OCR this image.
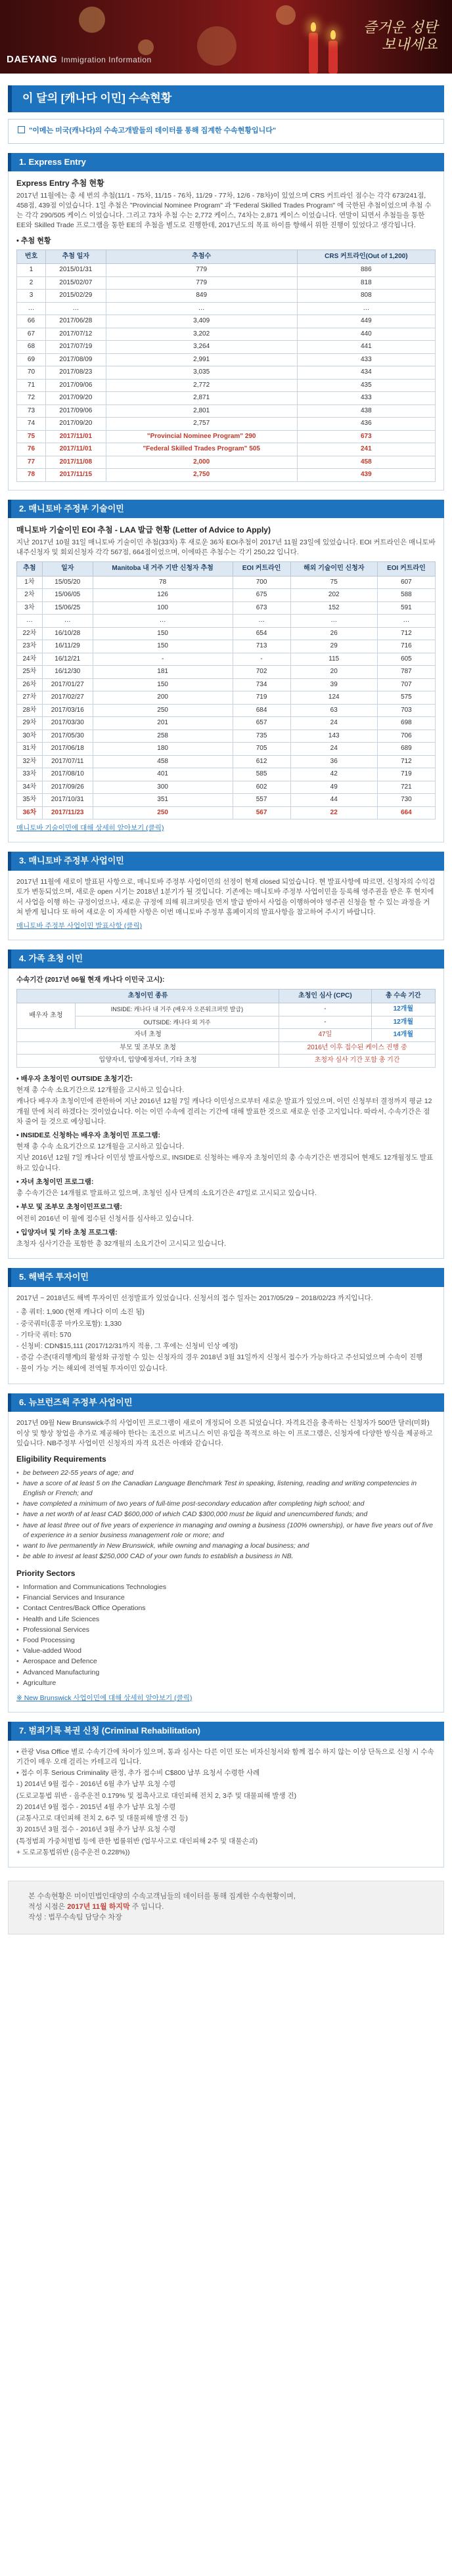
DAEYANG Immigration Information
즐거운 성탄
보내세요
이 달의 [캐나다 이민] 수속현황
"이메는 미국(캐나다)의 수속고개발들의 데이터를 통해 집계한 수속현황입니다"
1. Express Entry
Express Entry 추첨 현황
2017년 11월에는 총 세 번의 추첨(11/1 - 75차, 11/15 - 76차, 11/29 - 77차, 12/6 - 78차)이 있었으며 CRS 커트라인 점수는 각각 673/241점, 458점, 439점 이었습니다. 1일 추첨은 "Provincial Nominee Program" 과 "Federal Skilled Trades Program" 에 국한된 추첨이었으며 추첨 수는 각각 290/505 케이스 이었습니다. 그리고 73차 추첨 수는 2,772 케이스, 74차는 2,871 케이스 이었습니다. 연말이 되면서 추첨들을 통한 EE와 Skilled Trade 프로그램을 통한 EE의 추첨을 별도로 진행한데, 2017년도의 목표 하이를 향해서 위한 진행이 있었다고 생각됩니다.
• 추첨 현황
번호	추첨 일자	추첨수	CRS 커트라인(Out of 1,200)
1	2015/01/31	779	886
2	2015/02/07	779	818
3	2015/02/29	849	808
…	…	…	…
66	2017/06/28	3,409	449
67	2017/07/12	3,202	440
68	2017/07/19	3,264	441
69	2017/08/09	2,991	433
70	2017/08/23	3,035	434
71	2017/09/06	2,772	435
72	2017/09/20	2,871	433
73	2017/09/06	2,801	438
74	2017/09/20	2,757	436
75	2017/11/01	"Provincial Nominee Program" 290	673
76	2017/11/01	"Federal Skilled Trades Program" 505	241
77	2017/11/08	2,000	458
78	2017/11/15	2,750	439
2. 매니토바 주정부 기술이민
매니토바 기술이민 EOI 추첨 - LAA 발급 현황 (Letter of Advice to Apply)
지난 2017년 10월 31일 매니토바 기술이민 추첨(33차) 후 새로운 36차 EOI추첨이 2017년 11월 23일에 있었습니다. EOI 커트라인은 매니토바 내주신청자 및 회외신청자 각각 567점, 664점이었으며, 이에따른 추첨수는 각기 250,22 입니다.
추첨	일자	Manitoba 내 거주 기반 신청자 추첨	EOI 커트라인	해외 기술이민 신청자	EOI 커트라인
1차	15/05/20	78	700	75	607
2차	15/06/05	126	675	202	588
3차	15/06/25	100	673	152	591
…	…	…	…	…	…
22차	16/10/28	150	654	26	712
23차	16/11/29	150	713	29	716
24차	16/12/21	-	-	115	605
25차	16/12/30	181	702	20	787
26차	2017/01/27	150	734	39	707
27차	2017/02/27	200	719	124	575
28차	2017/03/16	250	684	63	703
29차	2017/03/30	201	657	24	698
30차	2017/05/30	258	735	143	706
31차	2017/06/18	180	705	24	689
32차	2017/07/11	458	612	36	712
33차	2017/08/10	401	585	42	719
34차	2017/09/26	300	602	49	721
35차	2017/10/31	351	557	44	730
36차	2017/11/23	250	567	22	664
매니토바 기술이민에 대해 상세히 알아보기 (클릭)
3. 매니토바 주정부 사업이민
2017년 11월에 새로이 발표된 사항으로, 매니토바 주정부 사업이민의 선정이 현재 closed 되었습니다. 현 발표사항에 따르면, 신청자의 수익검토가 변동되었으며, 새로운 open 시기는 2018년 1분기가 될 것입니다. 기존에는 매니토바 주정부 사업이민을 등록해 영주권을 받은 후 현지에서 사업을 이행 하는 규정이었으나, 새로운 규정에 의해 워크퍼밋을 먼저 발급 받아서 사업을 이행하여야 영주권 신청을 할 수 있는 과정을 거쳐 받게 됩니다 또 하여 새로운 이 자세한 사항은 이번 매니토바 주정부 홈페이지의 발표사항을 참고하여 주시기 바랍니다.
매니토바 주정부 사업이민 발표사항 (클릭)
4. 가족 초청 이민
수속기간 (2017년 06월 현재 캐나다 이민국 고시):
초청이민 종류		초청인 심사 (CPC)	총 수속 기간
배우자 초청	INSIDE: 캐나다 내 거주 (배우자 오픈워크퍼밋 발급)	-	12개월
	OUTSIDE: 캐나다 외 거주	-	12개월
자녀 초청		47일	14개월
부모 및 조부모 초청		2016년 이후 접수된 케이스 진행 중	
입양자녀, 입양예정자녀, 기타 초청		초청자 심사 기간 포함 총 기간	
• 배우자 초청이민 OUTSIDE 초청기간:
현재 총 수속 소요기간으로 12개월을 고시하고 있습니다.
캐나다 배우자 초청이민에 관한하여 지난 2016년 12월 7일 캐나다 이민성으로부터 새로운 발표가 있었으며, 이민 신청부터 결정까지 평균 12개월 만에 처리 하겠다는 것이었습니다. 이는 이민 수속에 걸리는 기간에 대해 발표한 것으로 새로운 인증 고지입니다. 따라서, 수속기간은 점차 줄어 들 것으로 예상됩니다.
• INSIDE로 신청하는 배우자 초청이민 프로그램:
현재 총 수속 소요기간으로 12개월을 고시하고 있습니다.
지난 2016년 12월 7일 캐나다 이민성 발표사항으로, INSIDE로 신청하는 배우자 초청이민의 총 수속기간은 변경되어 현재도 12개월정도 발표하고 있습니다.
• 자녀 초청이민 프로그램:
총 수속기간은 14개월로 발표하고 있으며, 초청인 심사 단계의 소요기간은 47일로 고시되고 있습니다.
• 부모 및 조부모 초청이민프로그램:
여전히 2016년 이 월에 접수된 신청서를 심사하고 있습니다.
• 입양자녀 및 기타 초청 프로그램:
초청자 심사기간을 포함한 총 32개월의 소요기간이 고시되고 있습니다.
5. 해벽주 투자이민
2017년 ~ 2018년도 해벽 투자이민 선정발표가 있었습니다. 신청서의 접수 일자는 2017/05/29 ~ 2018/02/23 까지입니다.
- 총 쿼터: 1,900 (현재 캐나다 이미 소진 됨)
- 중국쿼터(홍콩 마카오포함): 1,330
- 기타국 쿼터: 570
- 신청비: CDN$15,111 (2017/12/31까지 적용, 그 후에는 신청비 인상 예정)
- 증감 수준(대리행계)의 활성화 규정할 수 있는 신청자의 경우 2018년 3월 31일까지 신청서 접수가 가능하다고 주선되었으며 수속이 진행
- 물이 가능 거는 해외에 전역될 투자이민 있습니다.
6. 뉴브런즈윅 주정부 사업이민
2017년 09월 New Brunswick주의 사업이민 프로그램이 새로이 개정되어 오픈 되었습니다. 자격요건을 충족하는 신청자가 500만 달러(미화) 이상 및 향상 창업을 추가로 제공해야 한다는 조건으로 비즈니스 이민 유입을 목적으로 하는 이 프로그램은, 신청자에 다양한 방식을 제공하고 있습니다. NB주정부 사업이민 신청자의 자격 요건은 아래와 같습니다.
Eligibility Requirements
• be between 22-55 years of age; and
• have a score of at least 5 on the Canadian Language Benchmark Test in speaking, listening, reading and writing competencies in English or French; and
• have completed a minimum of two years of full-time post-secondary education after completing high school; and
• have a net worth of at least CAD $600,000 of which CAD $300,000 must be liquid and unencumbered funds; and
• have at least three out of five years of experience in managing and owning a business (100% ownership), or have five years out of five of experience in a senior business management role or more; and
• want to live permanently in New Brunswick, while owning and managing a local business; and
• be able to invest at least $250,000 CAD of your own funds to establish a business in NB.
Priority Sectors
• Information and Communications Technologies
• Financial Services and Insurance
• Contact Centres/Back Office Operations
• Health and Life Sciences
• Professional Services
• Food Processing
• Value-added Wood
• Aerospace and Defence
• Advanced Manufacturing
• Agriculture
※ New Brunswick 사업이민에 대해 상세히 알아보기 (클릭)
7. 범죄기록 복권 신청 (Criminal Rehabilitation)
• 관광 Visa Office 별로 수속기간에 차이가 있으며, 통과 심사는 다른 이민 또는 비자신청서와 함께 접수 하지 않는 이상 단독으로 신청 시 수속기간이 매우 오래 걸리는 카테고리 입니다.
• 접수 이후 Serious Criminality 판정, 추가 접수비 C$800 납부 요청서 수령한 사례
1) 2014년 9월 접수 - 2016년 6월 추가 납부 요청 수령
(도로교통법 위반 - 음주운전 0.179% 및 접촉사고로 대인피해 전치 2, 3주 및 대물피해 발생 건)
2) 2014년 9월 접수 - 2015년 4월 추가 납부 요청 수령
(교통사고로 대인피해 전치 2, 6주 및 대물피해 발생 건 등)
3) 2015년 3월 접수 - 2016년 3월 추가 납부 요청 수령
(특정범죄 가중처벌법 등에 관한 법률위반 (업무사고로 대인피해 2주 및 대물손괴)
+ 도로교통법위반 (음주운전 0.228%))
본 수속현황은 미이민법인대양의 수속고객님들의 데이터를 통해 집계한 수속현황이며,
적성 시점은 2017년 11월 하지막 주 입니다.
작성 : 법무수속팀 담당수 차장
